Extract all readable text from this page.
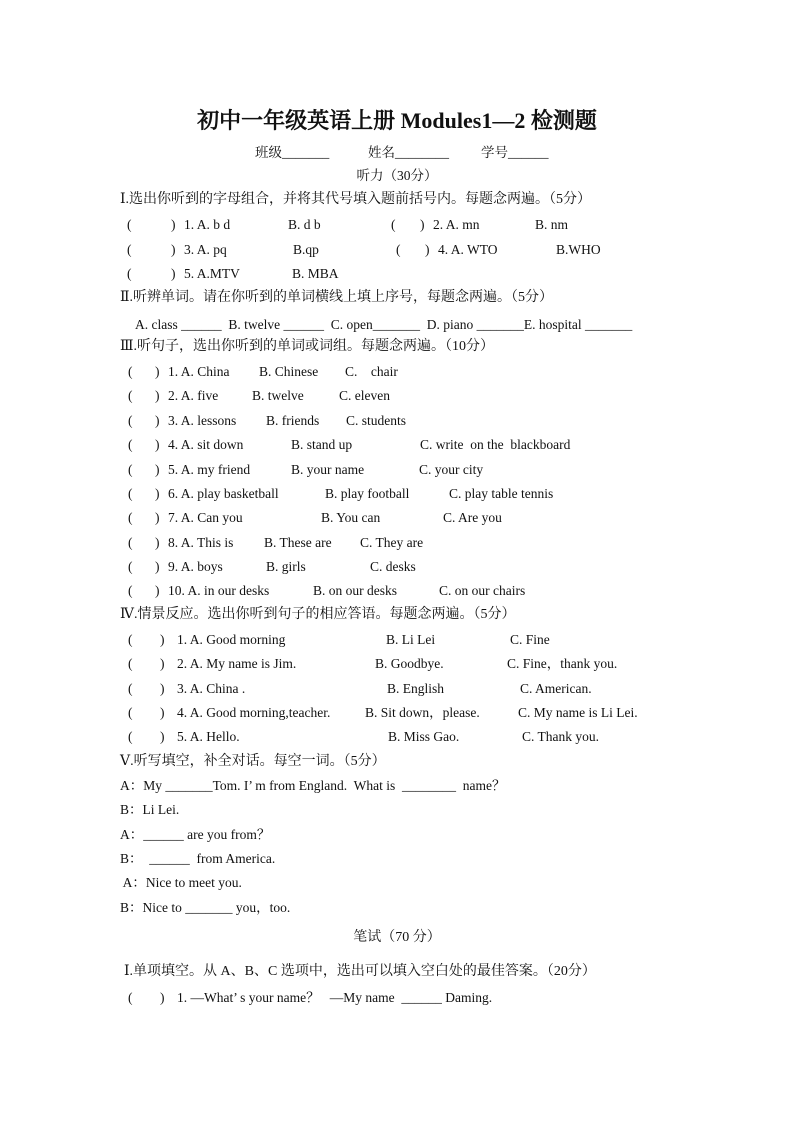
初中一年级英语上册 Modules1—2 检测题
班级_______	姓名________ 学号______
听力（30分）
Ⅰ.选出你听到的字母组合，并将其代号填入题前括号内。每题念两遍。（5分）
(	) 1. A. b d	B. d b	( ) 2. A. mn	B. nm
(	) 3. A. pq	B.qp	( ) 4. A. WTO	B.WHO
(	) 5. A.MTV	B. MBA
Ⅱ.听辨单词。请在你听到的单词横线上填上序号，每题念两遍。（5分）
A. class ______  B. twelve ______  C. open_______  D. piano _______E. hospital _______
Ⅲ.听句子，选出你听到的单词或词组。每题念两遍。（10分）
( ) 1. A. China B. Chinese C.    chair
( ) 2. A. five	B. twelve	C. eleven
( ) 3. A. lessons B. friends C. students
( ) 4. A. sit down	B. stand up	C. write  on the  blackboard
( ) 5. A. my friend	B. your name	C. your city
( ) 6. A. play basketball	B. play football	C. play table tennis
( ) 7. A. Can you	B. You can	C. Are you
( ) 8. A. This is B. These are C. They are
( ) 9. A. boys	B. girls	C. desks
( ) 10. A. in our desks	B. on our desks	C. on our chairs
Ⅳ.情景反应。选出你听到句子的相应答语。每题念两遍。（5分）
( ) 1. A. Good morning	B. Li Lei	C. Fine
( ) 2. A. My name is Jim.	B. Goodbye.	C. Fine，thank you.
( ) 3. A. China .	B. English	C. American.
( ) 4. A. Good morning,teacher.	B. Sit down，please.	C. My name is Li Lei.
( ) 5. A. Hello.	B. Miss Gao.	C. Thank you.
Ⅴ.听写填空，补全对话。每空一词。（5分）
A：My _______Tom. I’ m from England.  What is  ________  name？
B：Li Lei.
A：______ are you from？
B：  ______  from America.
A：Nice to meet you.
B：Nice to _______ you，too.
笔试（70 分）
Ⅰ.单项填空。从 A、B、C 选项中，选出可以填入空白处的最佳答案。（20分）
( ) 1. —What’ s your name？   —My name  ______ Daming.
